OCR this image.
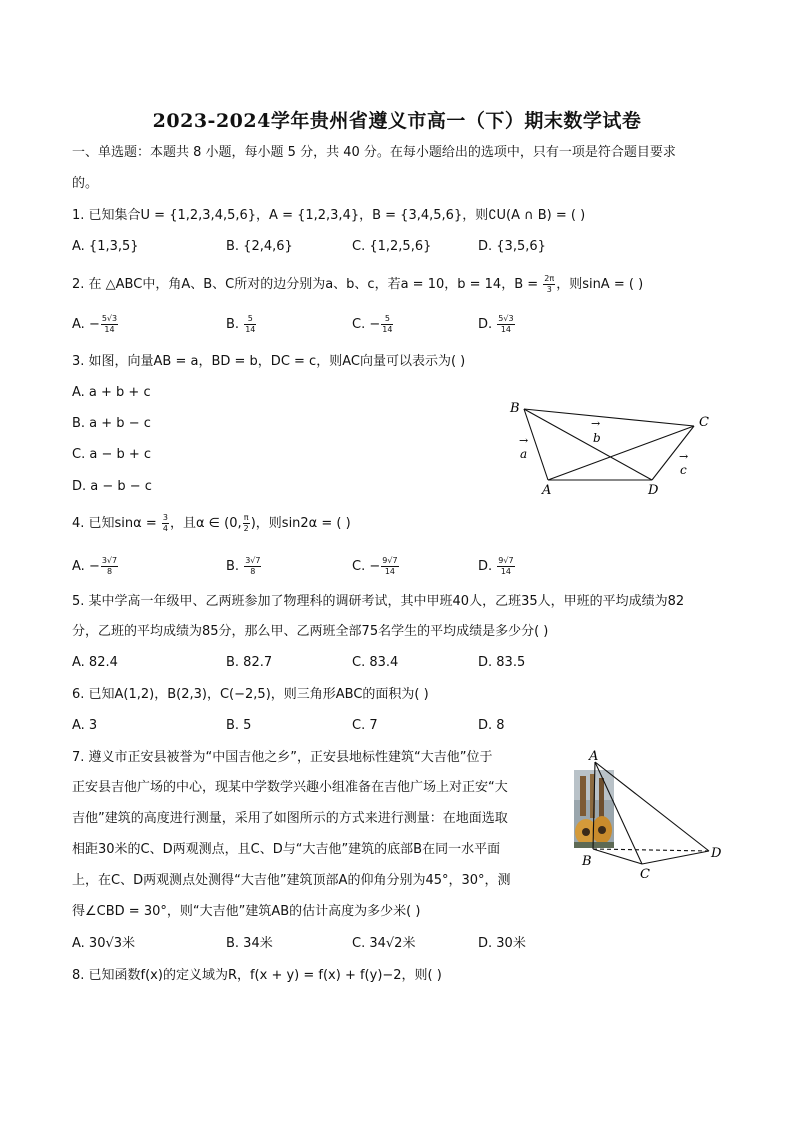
2023-2024学年贵州省遵义市高一（下）期末数学试卷
一、单选题：本题共 8 小题，每小题 5 分，共 40 分。在每小题给出的选项中，只有一项是符合题目要求
的。
1. 已知集合U = {1,2,3,4,5,6}，A = {1,2,3,4}，B = {3,4,5,6}，则∁U(A ∩ B) = ( )
A. {1,3,5}	B. {2,4,6}	C. {1,2,5,6}	D. {3,5,6}
2. 在 △ABC中，角A、B、C所对的边分别为a、b、c，若a = 10，b = 14，$B = \frac{2\pi}{3}$ ，则sinA = ( )
A. − $\frac{5√3}{14}$	B. $\frac{5}{14}$	C. − $\frac{5}{14}$	D. $\frac{5√3}{14}$
3. 如图，向量AB = a，BD = b，DC = c，则AC向量可以表示为( )
A. a + b + c
B. a + b − c
C. a − b + c
D. a − b − c
B
C
A	D
→
a
→
b
→
c
4. 已知$\sin\alpha = \frac{3}{4}$ ，且α ∈ (0, $\frac{\pi}{2}$ )，则sin2α = ( )
A. − $\frac{3√7}{8}$	B. $\frac{3√7}{8}$	C. − $\frac{9√7}{14}$	D. $\frac{9√7}{14}$
5. 某中学高一年级甲、乙两班参加了物理科的调研考试，其中甲班40人，乙班35人，甲班的平均成绩为82
分，乙班的平均成绩为85分，那么甲、乙两班全部75名学生的平均成绩是多少分( )
A. 82.4	B. 82.7	C. 83.4	D. 83.5
6. 已知A(1,2)，B(2,3)，C(−2,5)，则三角形ABC的面积为( )
A. 3	B. 5	C. 7	D. 8
7. 遵义市正安县被誉为“中国吉他之乡”，正安县地标性建筑“大吉他”位于
正安县吉他广场的中心，现某中学数学兴趣小组准备在吉他广场上对正安“大
吉他”建筑的高度进行测量，采用了如图所示的方式来进行测量：在地面选取
相距30米的C、D两观测点，且C、D与“大吉他”建筑的底部B在同一水平面
上，在C、D两观测点处测得“大吉他”建筑顶部A的仰角分别为45°，30°，测
得∠CBD = 30°，则“大吉他”建筑AB的估计高度为多少米( )
A. 30√3米	B. 34米	C. 34√2米	D. 30米
A
B
C
D
8. 已知函数f(x)的定义域为R，f(x + y) = f(x) + f(y)−2，则( )
